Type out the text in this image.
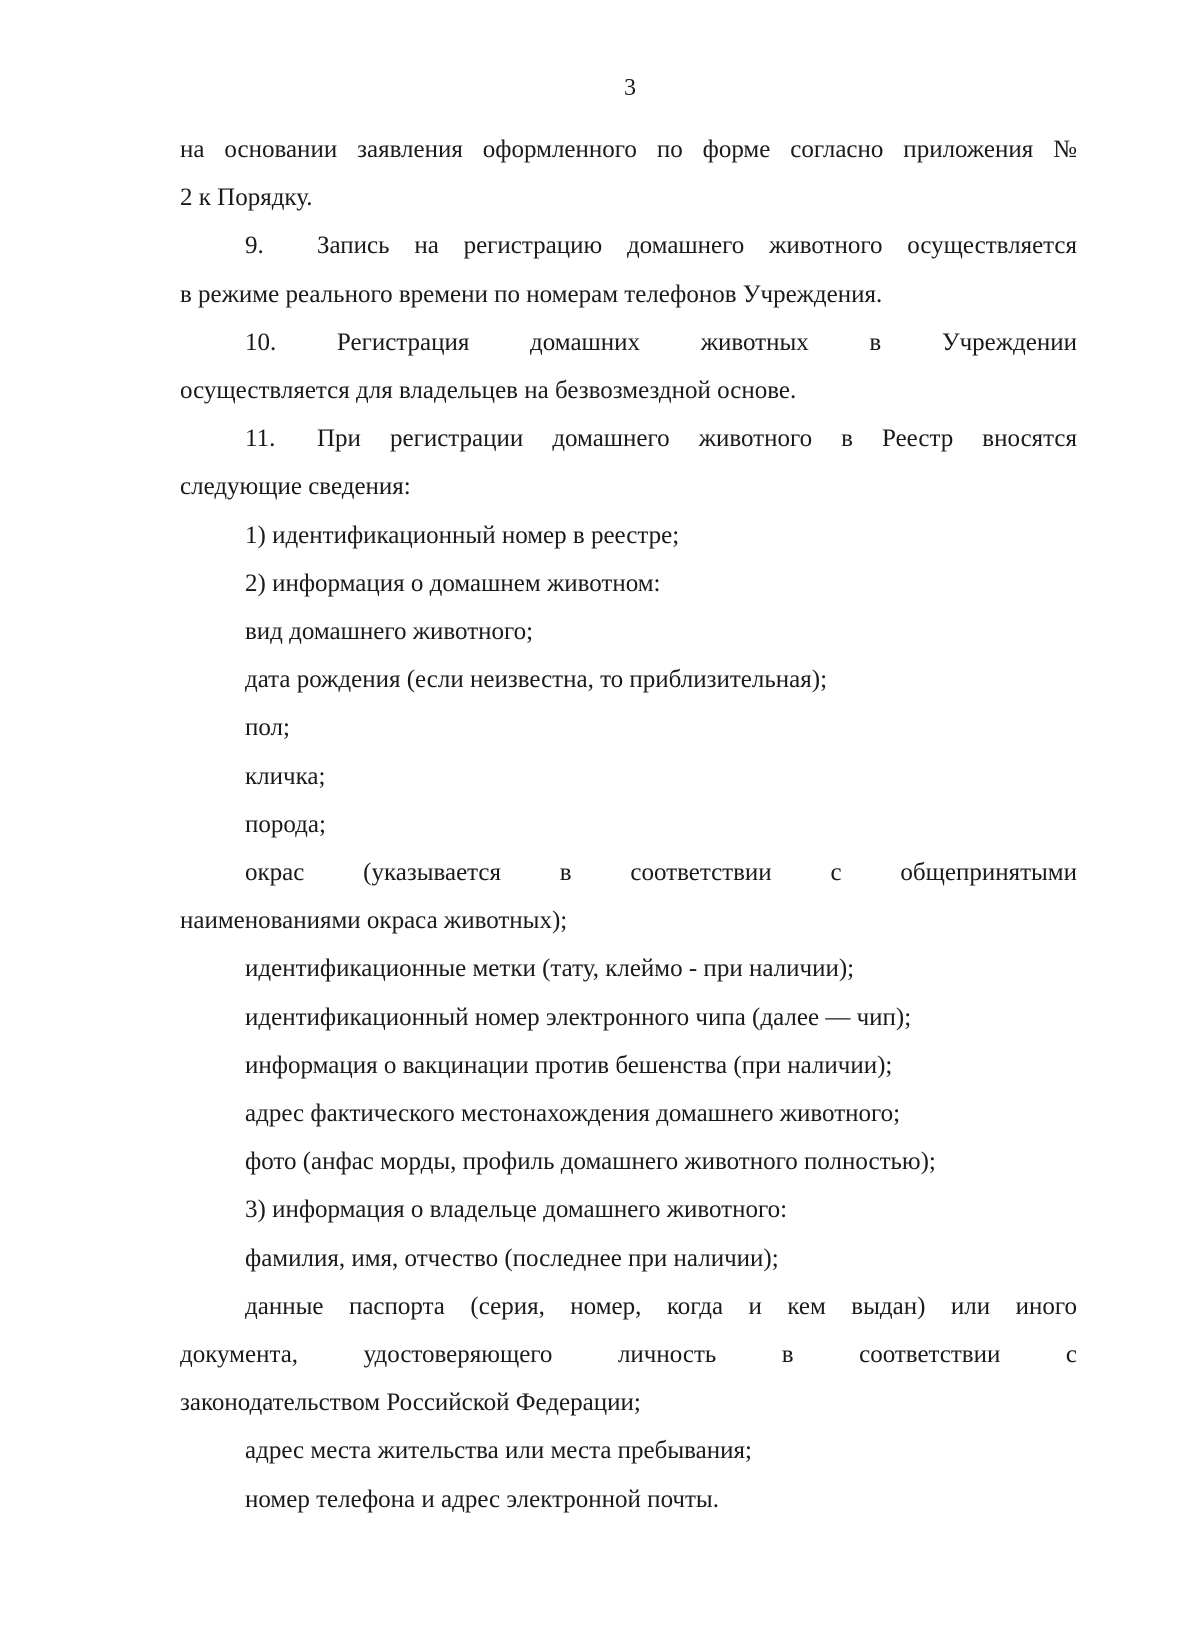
3
на основании заявления оформленного по форме согласно приложения №
2 к Порядку.
9. Запись на регистрацию домашнего животного осуществляется
в режиме реального времени по номерам телефонов Учреждения.
10. Регистрация домашних животных в Учреждении
осуществляется для владельцев на безвозмездной основе.
11. При регистрации домашнего животного в Реестр вносятся
следующие сведения:
1) идентификационный номер в реестре;
2) информация о домашнем животном:
вид домашнего животного;
дата рождения (если неизвестна, то приблизительная);
пол;
кличка;
порода;
окрас (указывается в соответствии с общепринятыми
наименованиями окраса животных);
идентификационные метки (тату, клеймо - при наличии);
идентификационный номер электронного чипа (далее — чип);
информация о вакцинации против бешенства (при наличии);
адрес фактического местонахождения домашнего животного;
фото (анфас морды, профиль домашнего животного полностью);
3) информация о владельце домашнего животного:
фамилия, имя, отчество (последнее при наличии);
данные паспорта (серия, номер, когда и кем выдан) или иного
документа,	удостоверяющего	личность	в	соответствии	с
законодательством Российской Федерации;
адрес места жительства или места пребывания;
номер телефона и адрес электронной почты.
